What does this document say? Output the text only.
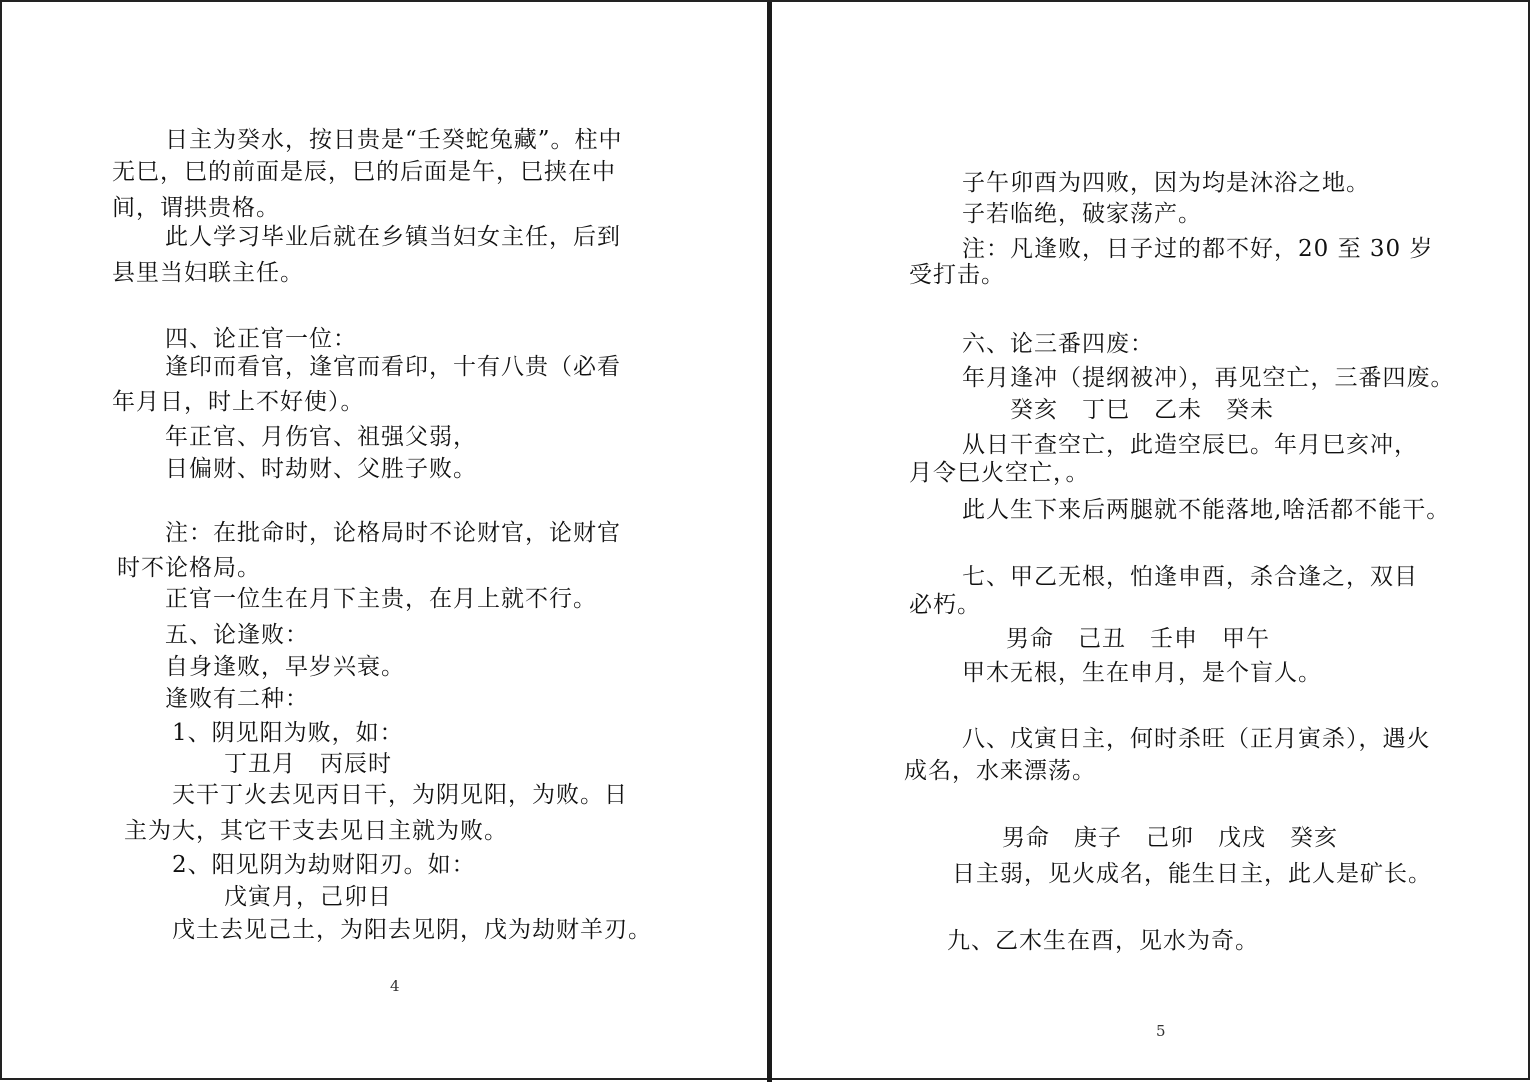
日主为癸水，按日贵是“壬癸蛇兔藏”。柱中
无巳，巳的前面是辰，巳的后面是午，巳挟在中
间，谓拱贵格。
此人学习毕业后就在乡镇当妇女主任，后到
县里当妇联主任。
四、论正官一位：
逢印而看官，逢官而看印，十有八贵（必看
年月日，时上不好使）。
年正官、月伤官、祖强父弱，
日偏财、时劫财、父胜子败。
注：在批命时，论格局时不论财官，论财官
时不论格局。
正官一位生在月下主贵，在月上就不行。
五、论逢败：
自身逢败，早岁兴衰。
逢败有二种：
1、阴见阳为败，如：
丁丑月　丙辰时
天干丁火去见丙日干，为阴见阳，为败。日
主为大，其它干支去见日主就为败。
2、阳见阴为劫财阳刃。如：
戊寅月，己卯日
戊土去见己土，为阳去见阴，戊为劫财羊刃。
4
子午卯酉为四败，因为均是沐浴之地。
子若临绝，破家荡产。
注：凡逢败，日子过的都不好，20 至 30 岁
受打击。
六、论三番四废：
年月逢冲（提纲被冲），再见空亡，三番四废。
癸亥　丁巳　乙未　癸未
从日干查空亡，此造空辰巳。年月巳亥冲，
月令巳火空亡，。
此人生下来后两腿就不能落地,啥活都不能干。
七、甲乙无根，怕逢申酉，杀合逢之，双目
必朽。
男命　己丑　壬申　甲午
甲木无根，生在申月，是个盲人。
八、戊寅日主，何时杀旺（正月寅杀），遇火
成名，水来漂荡。
男命　庚子　己卯　戊戌　癸亥
日主弱，见火成名，能生日主，此人是矿长。
九、乙木生在酉，见水为奇。
5
